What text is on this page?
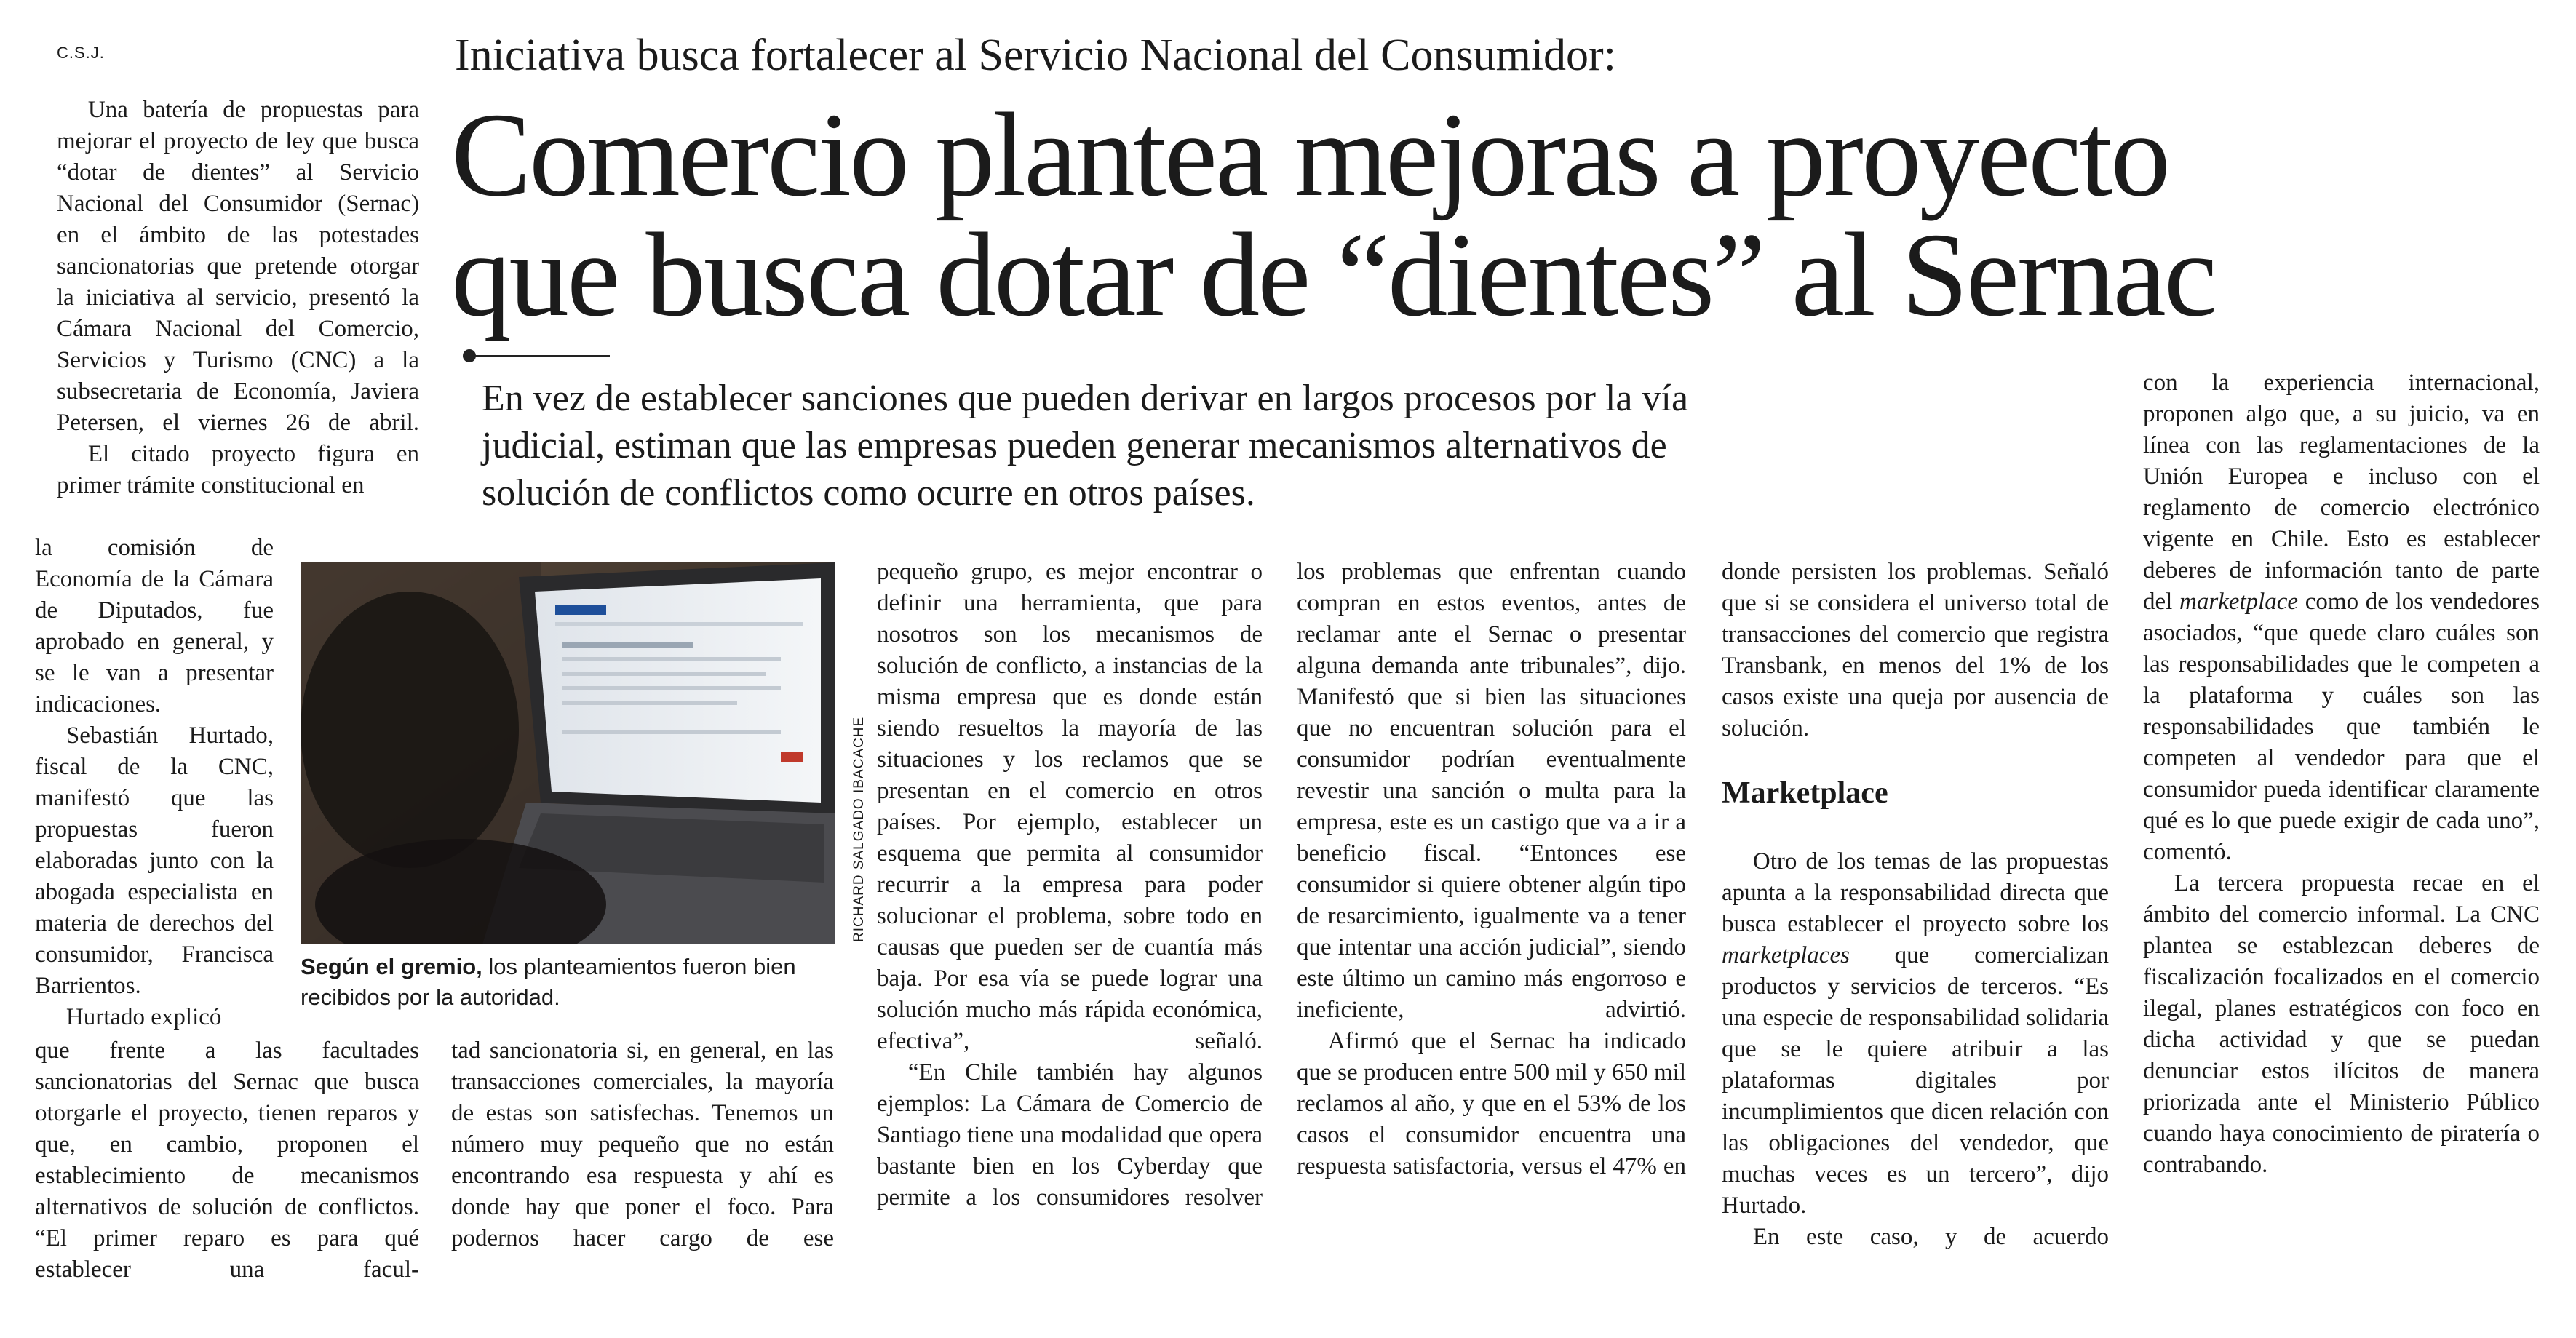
C.S.J.	Iniciativa busca fortalecer al Servicio Nacional del Consumidor:
Comercio plantea mejoras a proyecto
que busca dotar de “dientes” al Sernac
En vez de establecer sanciones que pueden derivar en largos procesos por la vía
judicial, estiman que las empresas pueden generar mecanismos alternativos de
solución de conflictos como ocurre en otros países.

Una batería de propuestas para mejorar el proyecto de ley que busca “dotar de dientes” al Servicio Nacional del Consumidor (Sernac) en el ámbito de las potestades sancionatorias que pretende otorgar la iniciativa al servicio, presentó la Cámara Nacional del Comercio, Servicios y Turismo (CNC) a la subsecretaria de Economía, Javiera Petersen, el viernes 26 de abril.

El citado proyecto figura en primer trámite constitucional en

la comisión de Economía de la Cámara de Diputados, fue aprobado en general, y se le van a presentar indicaciones.

Sebastián Hurtado, fiscal de la CNC, manifestó que las propuestas fueron elaboradas junto con la abogada especialista en materia de derechos del consumidor, Francisca Barrientos.

Hurtado explicó

que frente a las facultades sancionatorias del Sernac que busca otorgarle el proyecto, tienen reparos y que, en cambio, proponen el establecimiento de mecanismos alternativos de solución de conflictos. “El primer reparo es para qué establecer una facul-

RICHARD SALGADO IBACACHE
Según el gremio, los planteamientos fueron bien recibidos por la autoridad.

tad sancionatoria si, en general, en las transacciones comerciales, la mayoría de estas son satisfechas. Tenemos un número muy pequeño que no están encontrando esa respuesta y ahí es donde hay que poner el foco. Para podernos hacer cargo de ese

pequeño grupo, es mejor encontrar o definir una herramienta, que para nosotros son los mecanismos de solución de conflicto, a instancias de la misma empresa que es donde están siendo resueltos la mayoría de las situaciones y los reclamos que se presentan en el comercio en otros países. Por ejemplo, establecer un esquema que permita al consumidor recurrir a la empresa para poder solucionar el problema, sobre todo en causas que pueden ser de cuantía más baja. Por esa vía se puede lograr una solución mucho más rápida económica, efectiva”, señaló.

“En Chile también hay algunos ejemplos: La Cámara de Comercio de Santiago tiene una modalidad que opera bastante bien en los Cyberday que permite a los consumidores resolver

los problemas que enfrentan cuando compran en estos eventos, antes de reclamar ante el Sernac o presentar alguna demanda ante tribunales”, dijo. Manifestó que si bien las situaciones que no encuentran solución para el consumidor podrían eventualmente revestir una sanción o multa para la empresa, este es un castigo que va a ir a beneficio fiscal. “Entonces ese consumidor si quiere obtener algún tipo de resarcimiento, igualmente va a tener que intentar una acción judicial”, siendo este último un camino más engorroso e ineficiente, advirtió.

Afirmó que el Sernac ha indicado que se producen entre 500 mil y 650 mil reclamos al año, y que en el 53% de los casos el consumidor encuentra una respuesta satisfactoria, versus el 47% en

donde persisten los problemas. Señaló que si se considera el universo total de transacciones del comercio que registra Transbank, en menos del 1% de los casos existe una queja por ausencia de solución.

Marketplace

Otro de los temas de las propuestas apunta a la responsabilidad directa que busca establecer el proyecto sobre los marketplaces que comercializan productos y servicios de terceros. “Es una especie de responsabilidad solidaria que se le quiere atribuir a las plataformas digitales por incumplimientos que dicen relación con las obligaciones del vendedor, que muchas veces es un tercero”, dijo Hurtado.

En este caso, y de acuerdo

con la experiencia internacional, proponen algo que, a su juicio, va en línea con las reglamentaciones de la Unión Europea e incluso con el reglamento de comercio electrónico vigente en Chile. Esto es establecer deberes de información tanto de parte del marketplace como de los vendedores asociados, “que quede claro cuáles son las responsabilidades que le competen a la plataforma y cuáles son las responsabilidades que también le competen al vendedor para que el consumidor pueda identificar claramente qué es lo que puede exigir de cada uno”, comentó.

La tercera propuesta recae en el ámbito del comercio informal. La CNC plantea se establezcan deberes de fiscalización focalizados en el comercio ilegal, planes estratégicos con foco en dicha actividad y que se puedan denunciar estos ilícitos de manera priorizada ante el Ministerio Público cuando haya conocimiento de piratería o contrabando.
